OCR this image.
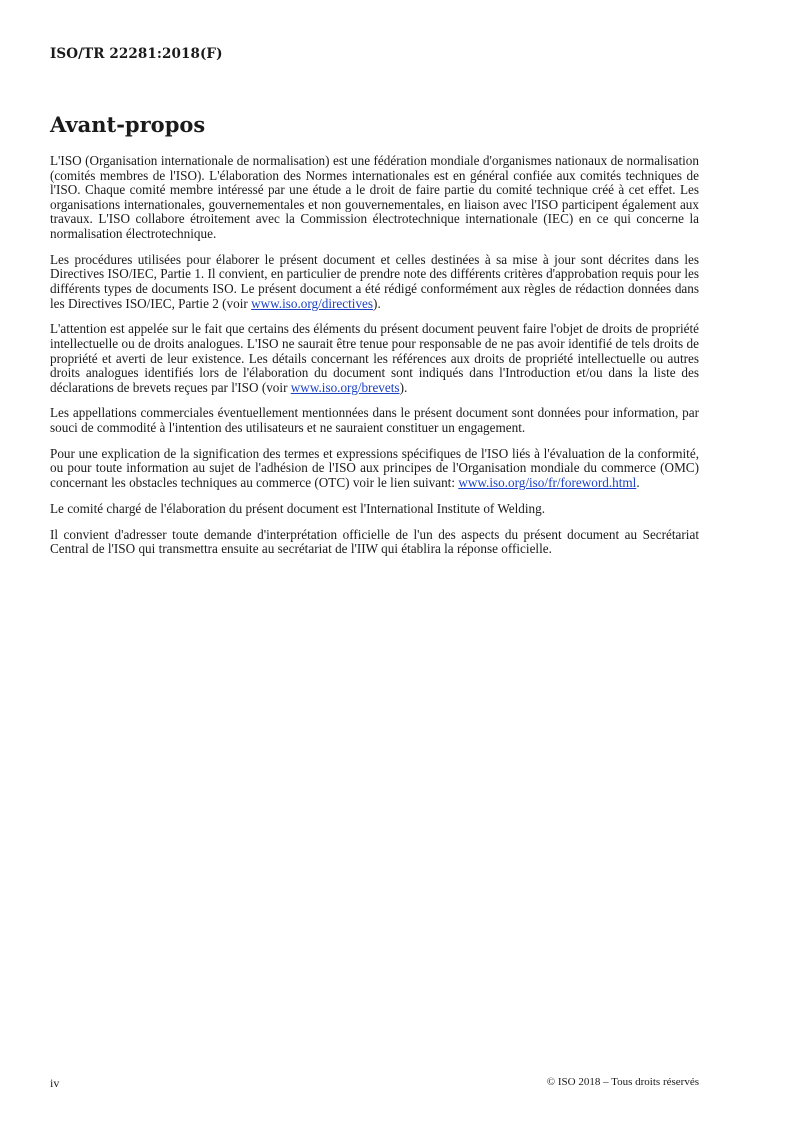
ISO/TR 22281:2018(F)
Avant-propos

L'ISO (Organisation internationale de normalisation) est une fédération mondiale d'organismes nationaux de normalisation (comités membres de l'ISO). L'élaboration des Normes internationales est en général confiée aux comités techniques de l'ISO. Chaque comité membre intéressé par une étude a le droit de faire partie du comité technique créé à cet effet. Les organisations internationales, gouvernementales et non gouvernementales, en liaison avec l'ISO participent également aux travaux. L'ISO collabore étroitement avec la Commission électrotechnique internationale (IEC) en ce qui concerne la normalisation électrotechnique.

Les procédures utilisées pour élaborer le présent document et celles destinées à sa mise à jour sont décrites dans les Directives ISO/IEC, Partie 1. Il convient, en particulier de prendre note des différents critères d'approbation requis pour les différents types de documents ISO. Le présent document a été rédigé conformément aux règles de rédaction données dans les Directives ISO/IEC, Partie 2 (voir www.iso.org/directives).

L'attention est appelée sur le fait que certains des éléments du présent document peuvent faire l'objet de droits de propriété intellectuelle ou de droits analogues. L'ISO ne saurait être tenue pour responsable de ne pas avoir identifié de tels droits de propriété et averti de leur existence. Les détails concernant les références aux droits de propriété intellectuelle ou autres droits analogues identifiés lors de l'élaboration du document sont indiqués dans l'Introduction et/ou dans la liste des déclarations de brevets reçues par l'ISO (voir www.iso.org/brevets).

Les appellations commerciales éventuellement mentionnées dans le présent document sont données pour information, par souci de commodité à l'intention des utilisateurs et ne sauraient constituer un engagement.

Pour une explication de la signification des termes et expressions spécifiques de l'ISO liés à l'évaluation de la conformité, ou pour toute information au sujet de l'adhésion de l'ISO aux principes de l'Organisation mondiale du commerce (OMC) concernant les obstacles techniques au commerce (OTC) voir le lien suivant: www.iso.org/iso/fr/foreword.html.

Le comité chargé de l'élaboration du présent document est l'International Institute of Welding.

Il convient d'adresser toute demande d'interprétation officielle de l'un des aspects du présent document au Secrétariat Central de l'ISO qui transmettra ensuite au secrétariat de l'IIW qui établira la réponse officielle.

iv	© ISO 2018 – Tous droits réservés
